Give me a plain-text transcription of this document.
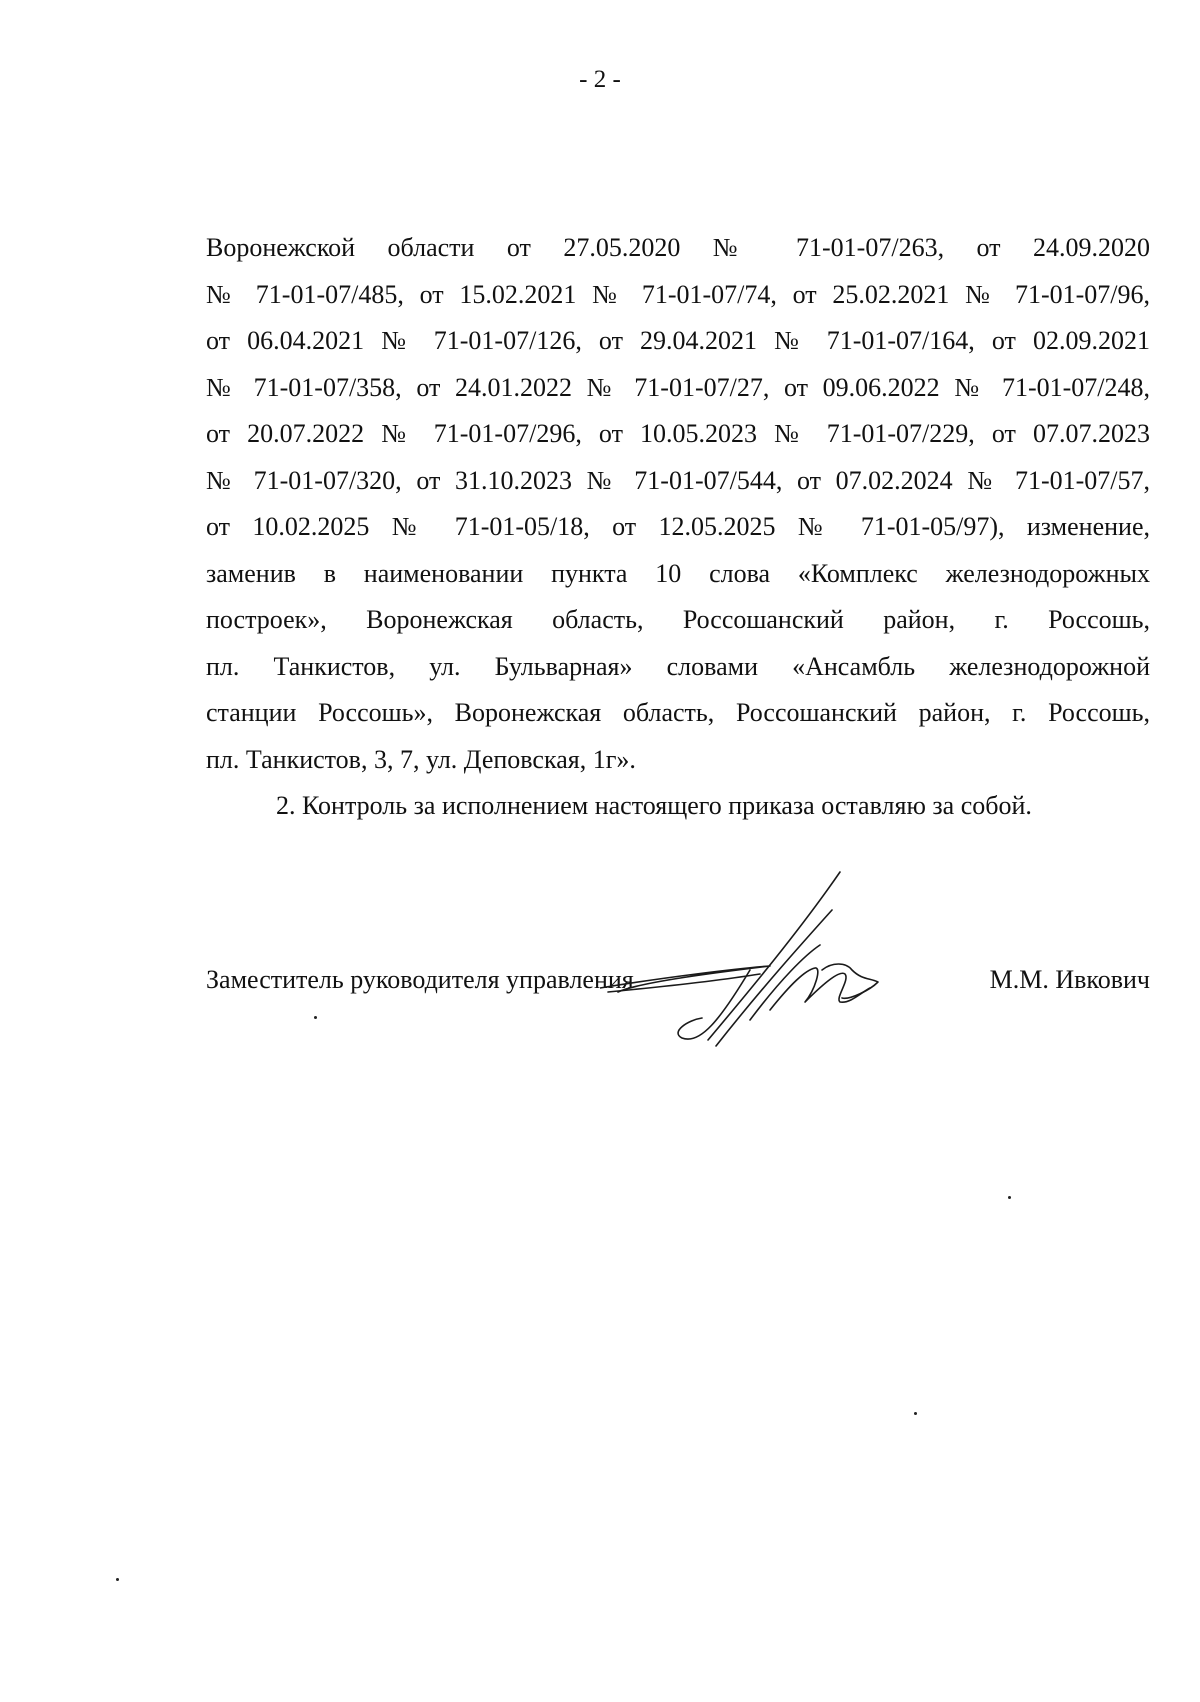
- 2 -
Воронежской области от 27.05.2020 № 71-01-07/263, от 24.09.2020
№ 71-01-07/485, от 15.02.2021 № 71-01-07/74, от 25.02.2021 № 71-01-07/96,
от 06.04.2021 № 71-01-07/126, от 29.04.2021 № 71-01-07/164, от 02.09.2021
№ 71-01-07/358, от 24.01.2022 № 71-01-07/27, от 09.06.2022 № 71-01-07/248,
от 20.07.2022 № 71-01-07/296, от 10.05.2023 № 71-01-07/229, от 07.07.2023
№ 71-01-07/320, от 31.10.2023 № 71-01-07/544, от 07.02.2024 № 71-01-07/57,
от 10.02.2025 № 71-01-05/18, от 12.05.2025 № 71-01-05/97), изменение,
заменив в наименовании пункта 10 слова «Комплекс железнодорожных
построек», Воронежская область, Россошанский район, г. Россошь,
пл. Танкистов, ул. Бульварная» словами «Ансамбль железнодорожной
станции Россошь», Воронежская область, Россошанский район, г. Россошь,
пл. Танкистов, 3, 7, ул. Деповская, 1г».
2. Контроль за исполнением настоящего приказа оставляю за собой.
Заместитель руководителя управления	М.М. Ивкович
